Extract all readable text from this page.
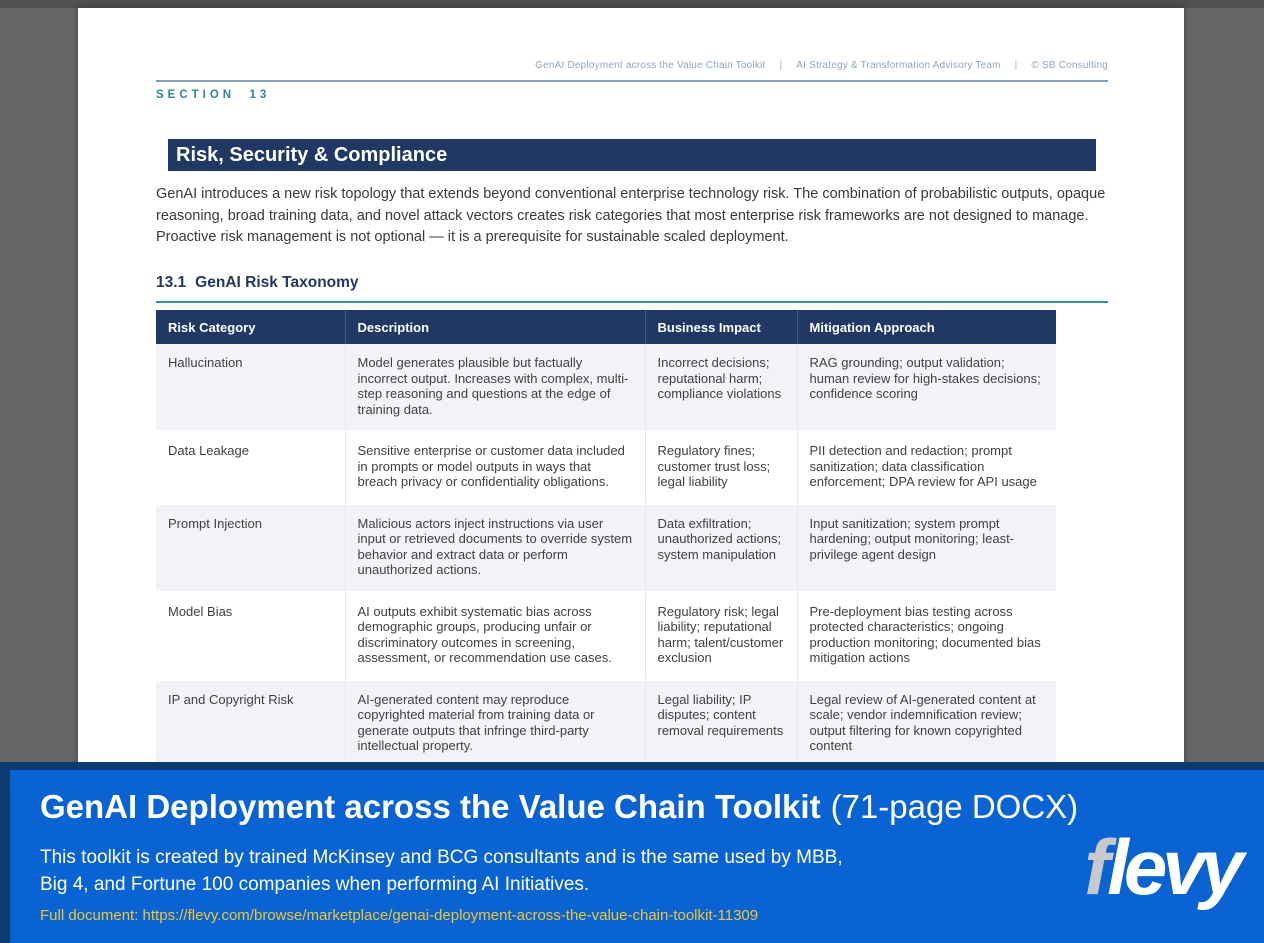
GenAI Deployment across the Value Chain Toolkit | AI Strategy & Transformation Advisory Team | © SB Consulting
SECTION  13
Risk, Security & Compliance
GenAI introduces a new risk topology that extends beyond conventional enterprise technology risk. The combination of probabilistic outputs, opaque reasoning, broad training data, and novel attack vectors creates risk categories that most enterprise risk frameworks are not designed to manage. Proactive risk management is not optional — it is a prerequisite for sustainable scaled deployment.
13.1 GenAI Risk Taxonomy
Risk Category	Description	Business Impact	Mitigation Approach
Hallucination	Model generates plausible but factually incorrect output. Increases with complex, multi-step reasoning and questions at the edge of training data.	Incorrect decisions; reputational harm; compliance violations	RAG grounding; output validation; human review for high-stakes decisions; confidence scoring
Data Leakage	Sensitive enterprise or customer data included in prompts or model outputs in ways that breach privacy or confidentiality obligations.	Regulatory fines; customer trust loss; legal liability	PII detection and redaction; prompt sanitization; data classification enforcement; DPA review for API usage
Prompt Injection	Malicious actors inject instructions via user input or retrieved documents to override system behavior and extract data or perform unauthorized actions.	Data exfiltration; unauthorized actions; system manipulation	Input sanitization; system prompt hardening; output monitoring; least-privilege agent design
Model Bias	AI outputs exhibit systematic bias across demographic groups, producing unfair or discriminatory outcomes in screening, assessment, or recommendation use cases.	Regulatory risk; legal liability; reputational harm; talent/customer exclusion	Pre-deployment bias testing across protected characteristics; ongoing production monitoring; documented bias mitigation actions
IP and Copyright Risk	AI-generated content may reproduce copyrighted material from training data or generate outputs that infringe third-party intellectual property.	Legal liability; IP disputes; content removal requirements	Legal review of AI-generated content at scale; vendor indemnification review; output filtering for known copyrighted content
GenAI Deployment across the Value Chain Toolkit (71-page DOCX)
This toolkit is created by trained McKinsey and BCG consultants and is the same used by MBB,
Big 4, and Fortune 100 companies when performing AI Initiatives.
Full document: https://flevy.com/browse/marketplace/genai-deployment-across-the-value-chain-toolkit-11309
flevy
